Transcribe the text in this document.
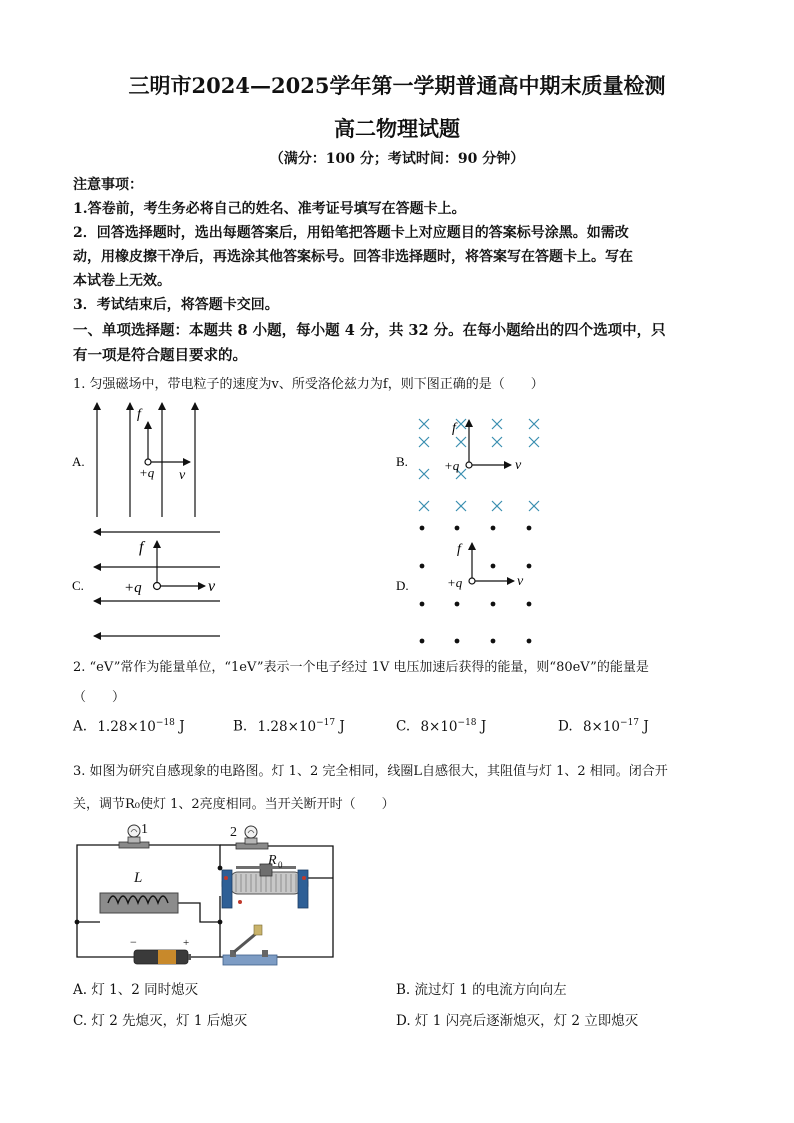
三明市2024—2025学年第一学期普通高中期末质量检测
高二物理试题
（满分：100 分；考试时间：90 分钟）
注意事项：
1.答卷前，考生务必将自己的姓名、准考证号填写在答题卡上。
2．回答选择题时，选出每题答案后，用铅笔把答题卡上对应题目的答案标号涂黑。如需改
动，用橡皮擦干净后，再选涂其他答案标号。回答非选择题时，将答案写在答题卡上。写在
本试卷上无效。
3．考试结束后，将答题卡交回。
一、单项选择题：本题共 8 小题，每小题 4 分，共 32 分。在每小题给出的四个选项中，只
有一项是符合题目要求的。
1. 匀强磁场中，带电粒子的速度为v、所受洛伦兹力为f，则下图正确的是（　　）
A.
f
+q v
B.
f
+q	v
C.
f
+q	v	D.
f
+q	v
1	2
L
R 0
−	+
2. “eV”常作为能量单位，“1eV”表示一个电子经过 1V 电压加速后获得的能量，则“80eV”的能量是
（　　）
A. $1.28\times 10^{-18}$ J	B. $1.28\times 10^{-17}$ J	C. $8\times 10^{-18}$ J	D. $8\times 10^{-17}$ J
3. 如图为研究自感现象的电路图。灯 1、2 完全相同，线圈L自感很大，其阻值与灯 1、2 相同。闭合开
关，调节R₀使灯 1、2亮度相同。当开关断开时（　　）
A. 灯 1、2 同时熄灭	B. 流过灯 1 的电流方向向左
C. 灯 2 先熄灭，灯 1 后熄灭	D. 灯 1 闪亮后逐渐熄灭，灯 2 立即熄灭
